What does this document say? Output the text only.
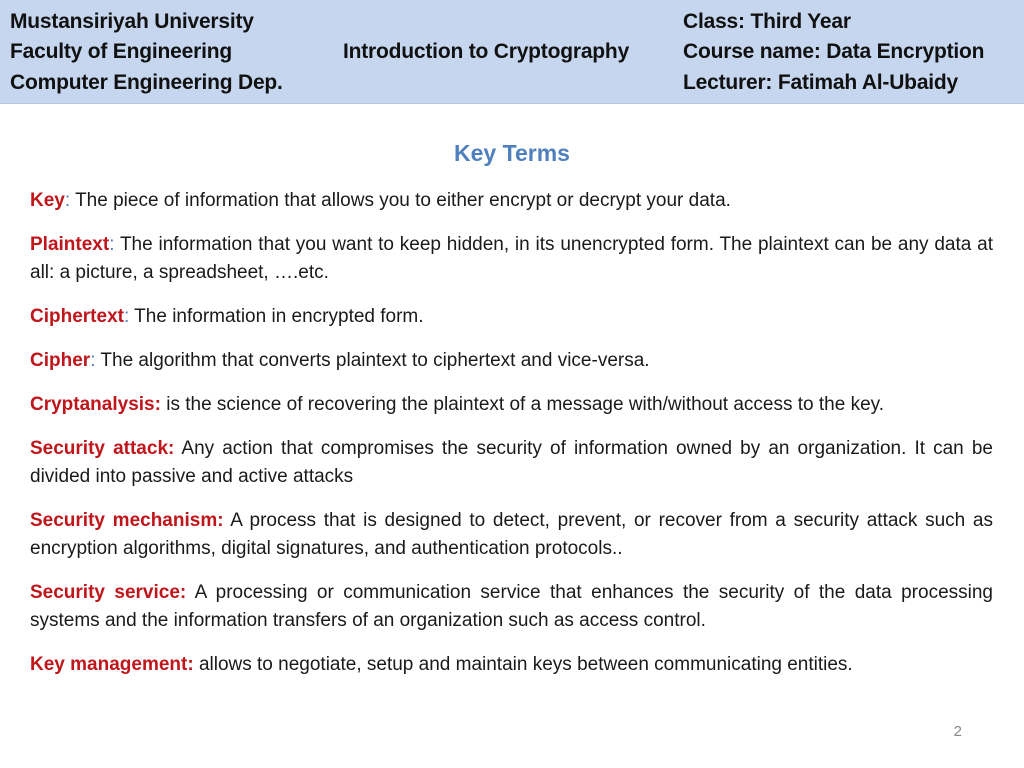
Mustansiriyah University
Faculty of Engineering
Computer Engineering Dep.
Introduction to Cryptography
Class: Third Year
Course name: Data Encryption
Lecturer: Fatimah Al-Ubaidy
Key Terms

Key: The piece of information that allows you to either encrypt or decrypt your data.

Plaintext: The information that you want to keep hidden, in its unencrypted form. The plaintext can be any data at all: a picture, a spreadsheet, ….etc.

Ciphertext: The information in encrypted form.

Cipher: The algorithm that converts plaintext to ciphertext and vice-versa.

Cryptanalysis: is the science of recovering the plaintext of a message with/without access to the key.

Security attack: Any action that compromises the security of information owned by an organization. It can be divided into passive and active attacks

Security mechanism: A process that is designed to detect, prevent, or recover from a security attack such as encryption algorithms, digital signatures, and authentication protocols..

Security service: A processing or communication service that enhances the security of the data processing systems and the information transfers of an organization such as access control.

Key management: allows to negotiate, setup and maintain keys between communicating entities.

2
